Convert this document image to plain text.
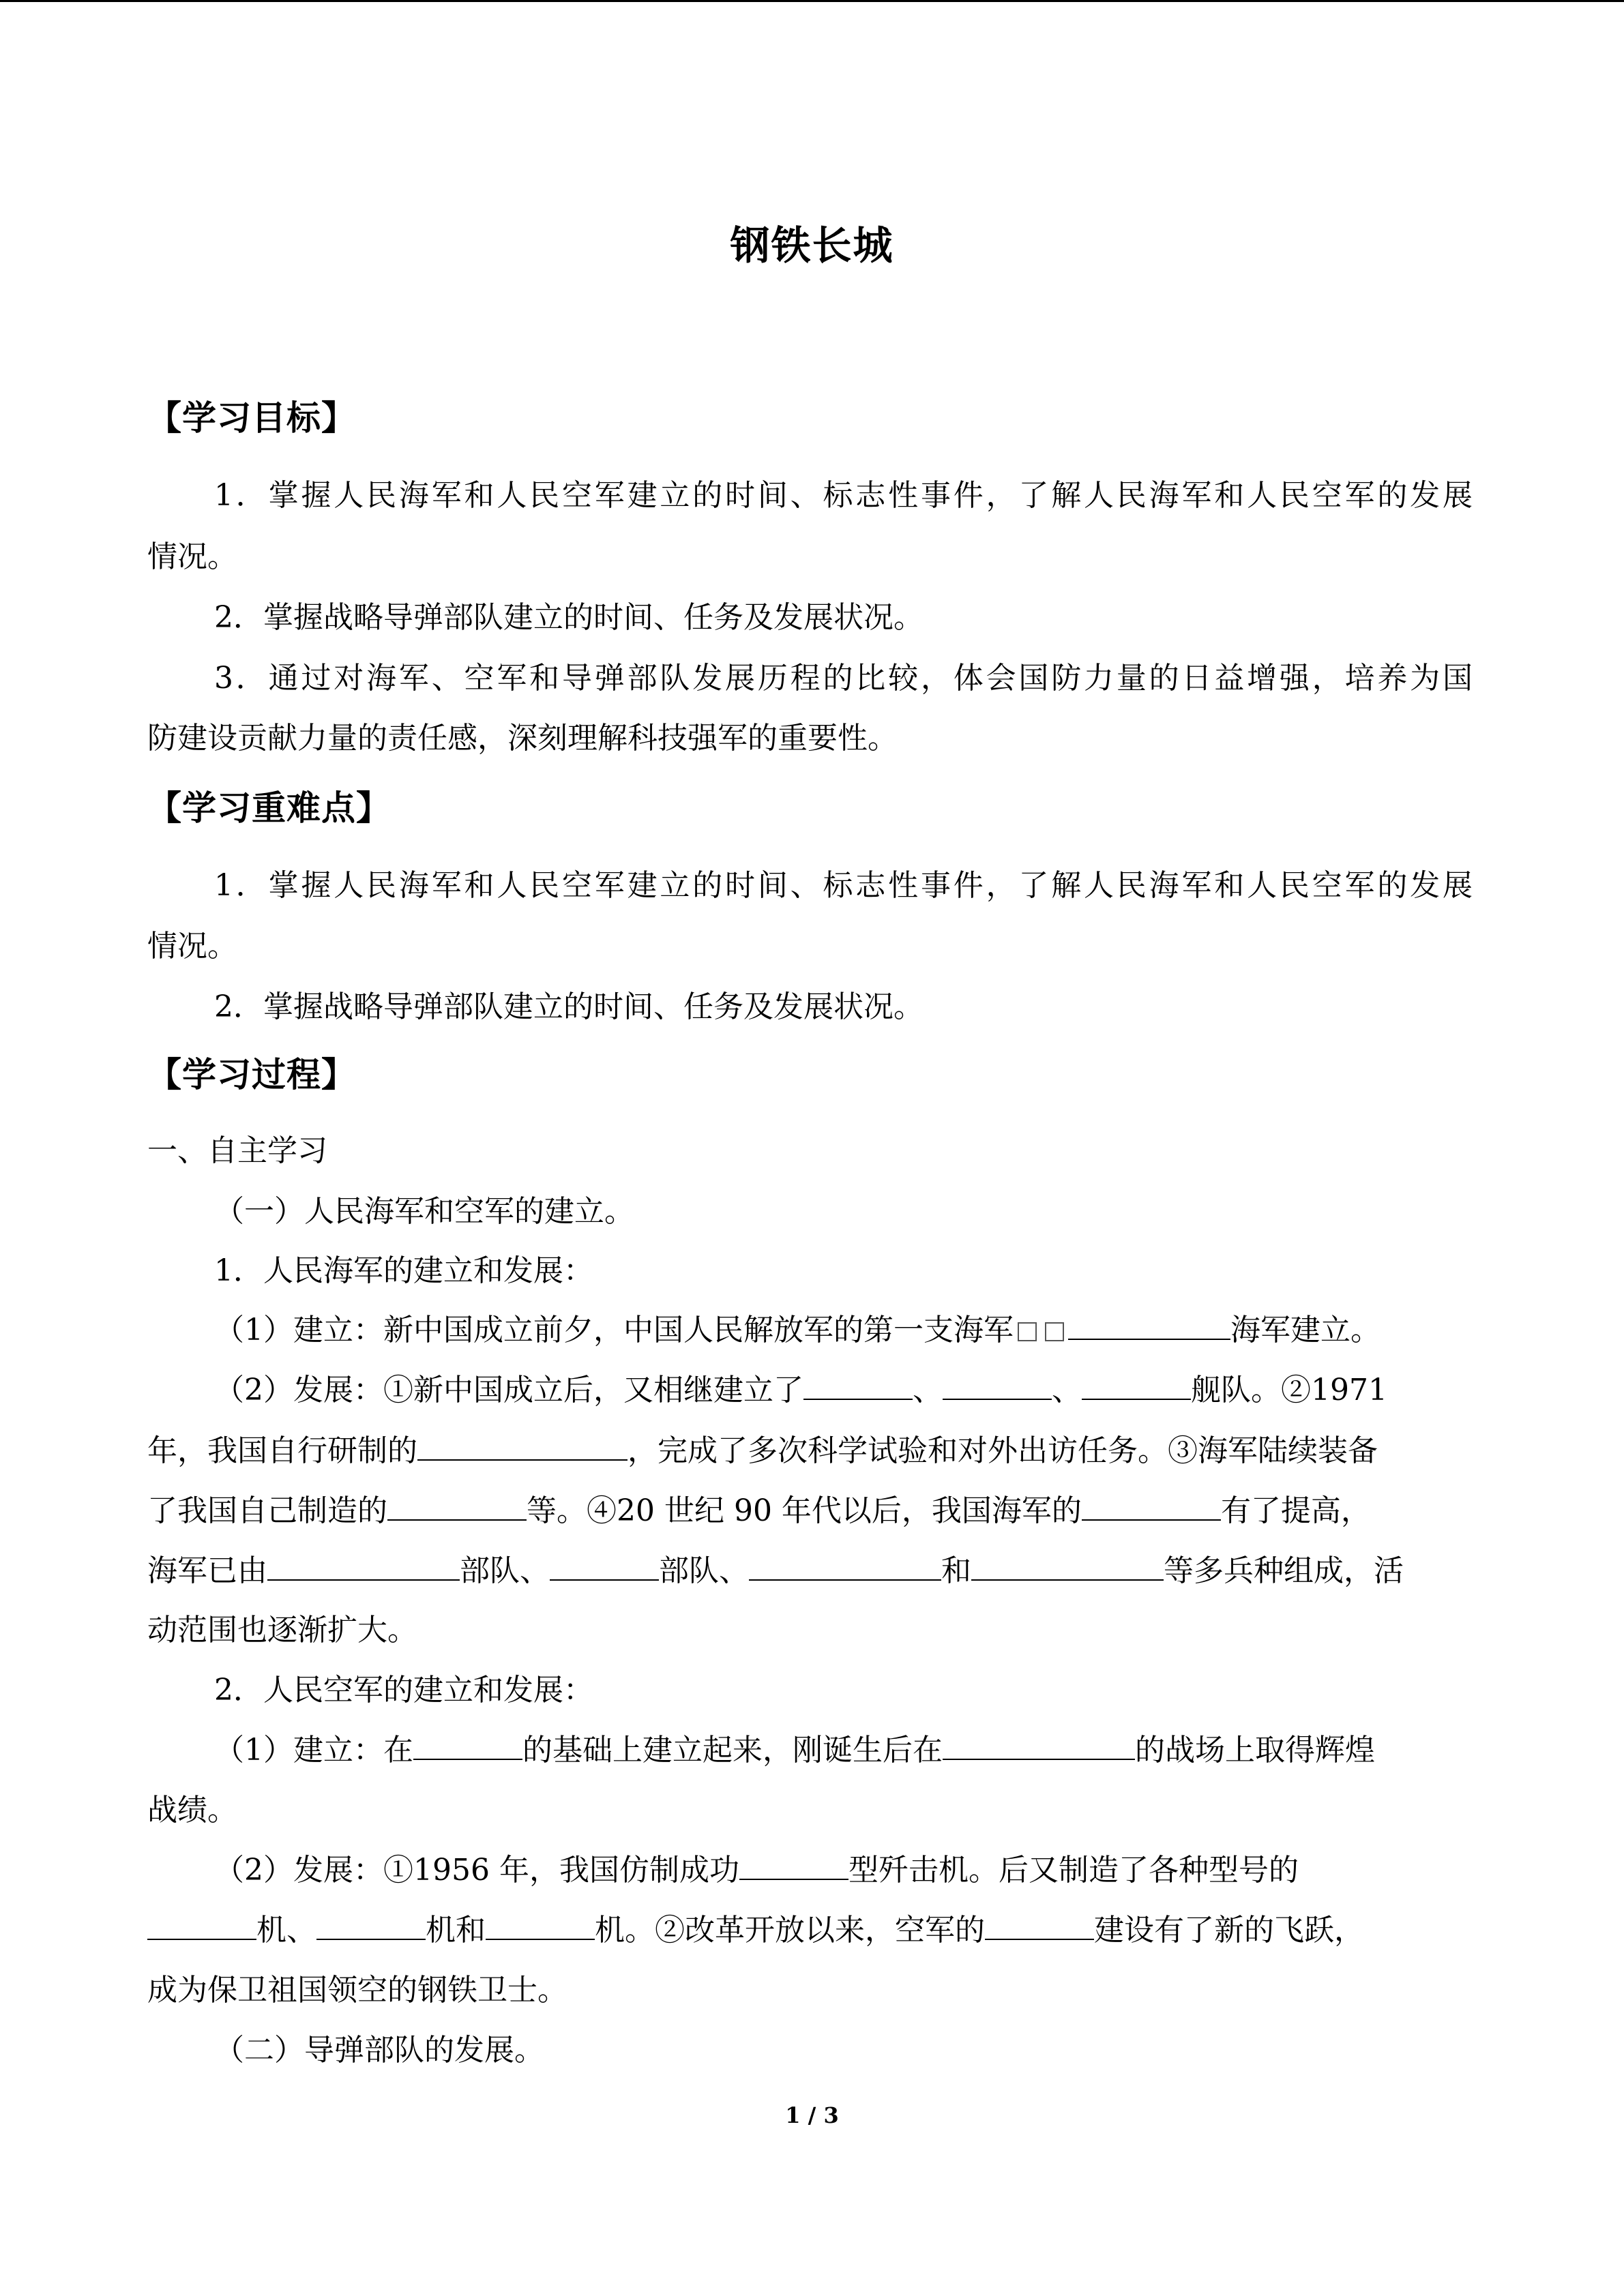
钢铁长城
【学习目标】
1．掌握人民海军和人民空军建立的时间、标志性事件，了解人民海军和人民空军的发展
情况。
2．掌握战略导弹部队建立的时间、任务及发展状况。
3．通过对海军、空军和导弹部队发展历程的比较，体会国防力量的日益增强，培养为国
防建设贡献力量的责任感，深刻理解科技强军的重要性。
【学习重难点】
1．掌握人民海军和人民空军建立的时间、标志性事件，了解人民海军和人民空军的发展
情况。
2．掌握战略导弹部队建立的时间、任务及发展状况。
【学习过程】
一、自主学习
（一）人民海军和空军的建立。
1．人民海军的建立和发展：
（1）建立：新中国成立前夕，中国人民解放军的第一支海军	海军建立。
（2）发展：①新中国成立后，又相继建立了	、	、	舰队。②1971
年，我国自行研制的	，完成了多次科学试验和对外出访任务。③海军陆续装备
了我国自己制造的	等。④20 世纪 90 年代以后，我国海军的	有了提高，
海军已由	部队、	部队、	和	等多兵种组成，活
动范围也逐渐扩大。
2．人民空军的建立和发展：
（1）建立：在	的基础上建立起来，刚诞生后在	的战场上取得辉煌
战绩。
（2）发展：①1956 年，我国仿制成功	型歼击机。后又制造了各种型号的
机、	机和	机。②改革开放以来，空军的	建设有了新的飞跃，
成为保卫祖国领空的钢铁卫士。
（二）导弹部队的发展。
1 / 3
